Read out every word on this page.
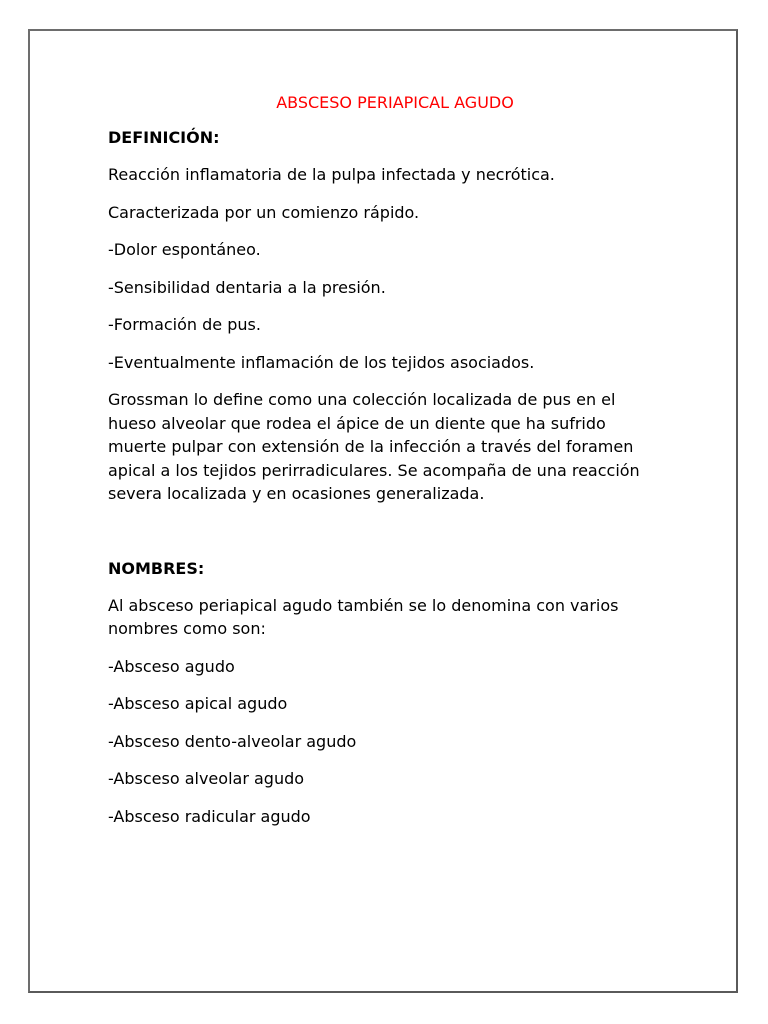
ABSCESO PERIAPICAL AGUDO

DEFINICIÓN:

Reacción inflamatoria de la pulpa infectada y necrótica.

Caracterizada por un comienzo rápido.

-Dolor espontáneo.

-Sensibilidad dentaria a la presión.

-Formación de pus.

-Eventualmente inflamación de los tejidos asociados.

Grossman lo define como una colección localizada de pus en el hueso alveolar que rodea el ápice de un diente que ha sufrido muerte pulpar con extensión de la infección a través del foramen apical a los tejidos perirradiculares. Se acompaña de una reacción severa localizada y en ocasiones generalizada.

NOMBRES:

Al absceso periapical agudo también se lo denomina con varios nombres como son:

-Absceso agudo

-Absceso apical agudo

-Absceso dento-alveolar agudo

-Absceso alveolar agudo

-Absceso radicular agudo
